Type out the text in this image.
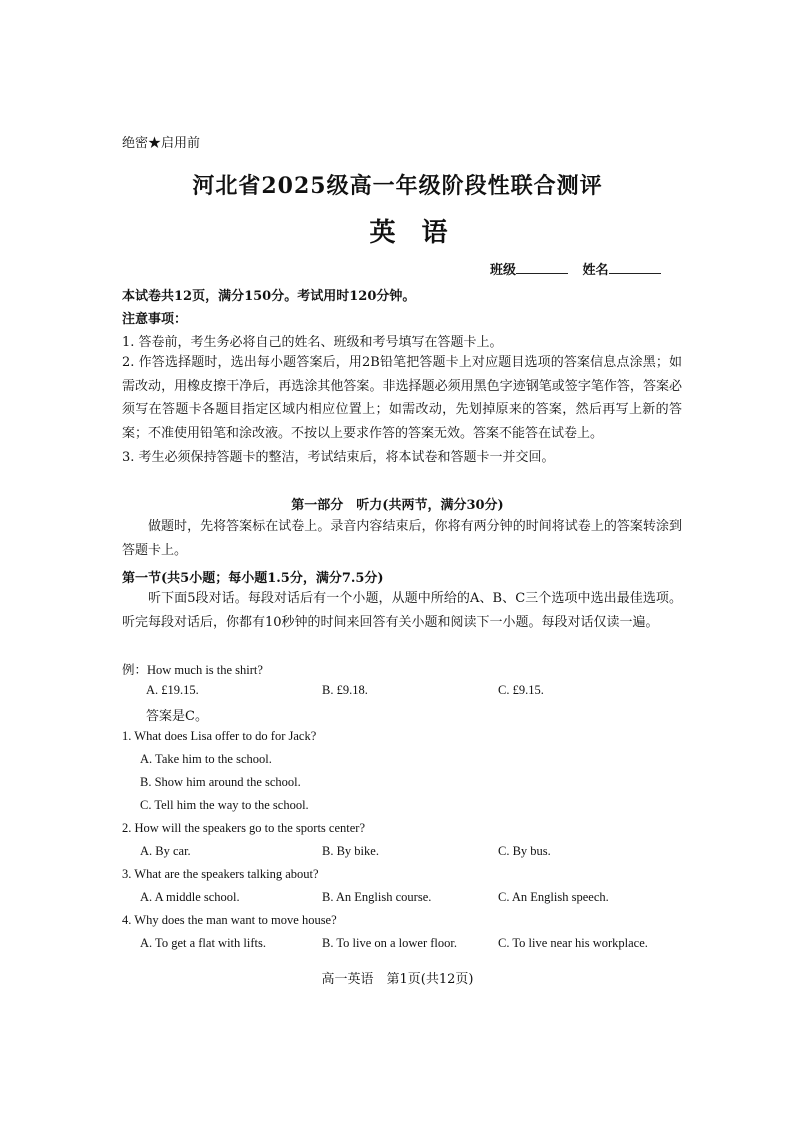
绝密★启用前
河北省2025级高一年级阶段性联合测评
英语
班级	姓名
本试卷共12页，满分150分。考试用时120分钟。
注意事项：
1. 答卷前，考生务必将自己的姓名、班级和考号填写在答题卡上。
2. 作答选择题时，选出每小题答案后，用2B铅笔把答题卡上对应题目选项的答案信息点涂黑；如需改动，用橡皮擦干净后，再选涂其他答案。非选择题必须用黑色字迹钢笔或签字笔作答，答案必须写在答题卡各题目指定区域内相应位置上；如需改动，先划掉原来的答案，然后再写上新的答案；不准使用铅笔和涂改液。不按以上要求作答的答案无效。答案不能答在试卷上。
3. 考生必须保持答题卡的整洁，考试结束后，将本试卷和答题卡一并交回。
第一部分　听力(共两节，满分30分)
做题时，先将答案标在试卷上。录音内容结束后，你将有两分钟的时间将试卷上的答案转涂到答题卡上。
第一节(共5小题；每小题1.5分，满分7.5分)
听下面5段对话。每段对话后有一个小题，从题中所给的A、B、C三个选项中选出最佳选项。听完每段对话后，你都有10秒钟的时间来回答有关小题和阅读下一小题。每段对话仅读一遍。
例：How much is the shirt?
A. £19.15.	B. £9.18.	C. £9.15.
答案是C。
1. What does Lisa offer to do for Jack?
A. Take him to the school.
B. Show him around the school.
C. Tell him the way to the school.
2. How will the speakers go to the sports center?
A. By car.	B. By bike.	C. By bus.
3. What are the speakers talking about?
A. A middle school.	B. An English course.	C. An English speech.
4. Why does the man want to move house?
A. To get a flat with lifts.	B. To live on a lower floor.	C. To live near his workplace.
高一英语　第1页(共12页)
